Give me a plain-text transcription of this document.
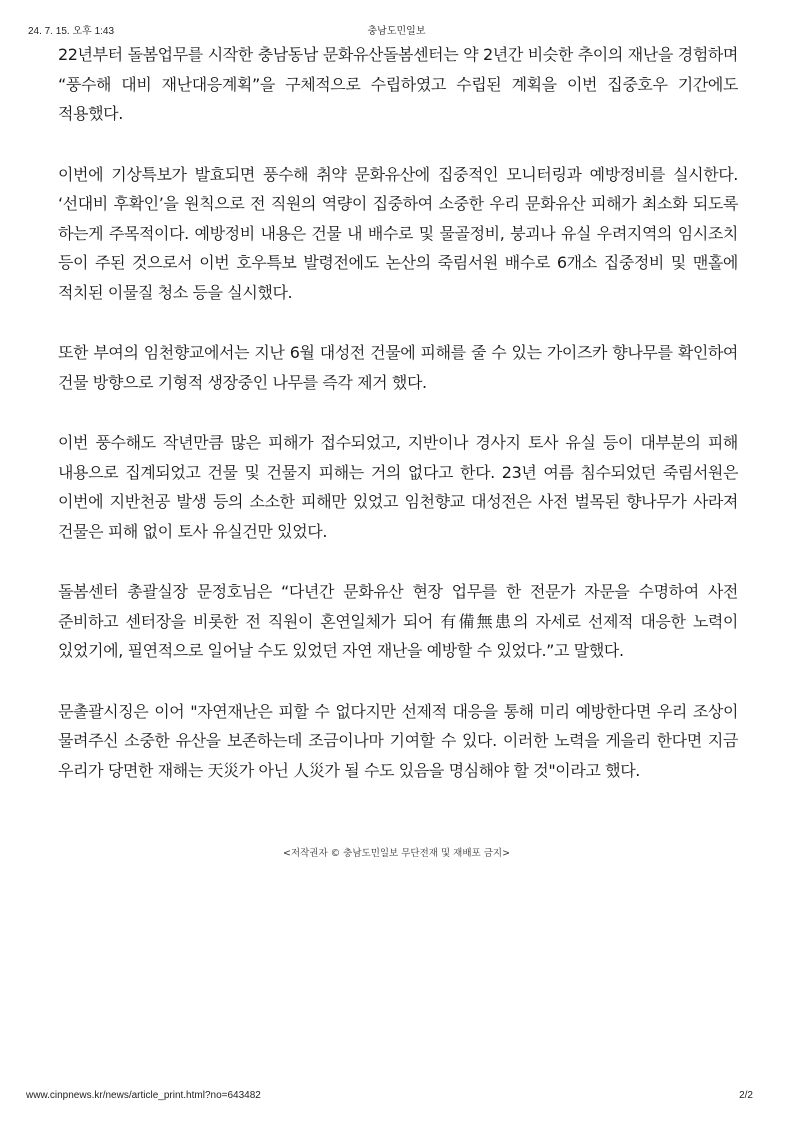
24. 7. 15. 오후 1:43	충남도민일보

22년부터 돌봄업무를 시작한 충남동남 문화유산돌봄센터는 약 2년간 비슷한 추이의 재난을 경험하며 “풍수해 대비 재난대응계획”을 구체적으로 수립하였고 수립된 계획을 이번 집중호우 기간에도 적용했다.

이번에 기상특보가 발효되면 풍수해 취약 문화유산에 집중적인 모니터링과 예방정비를 실시한다. ‘선대비 후확인’을 원칙으로 전 직원의 역량이 집중하여 소중한 우리 문화유산 피해가 최소화 되도록 하는게 주목적이다. 예방정비 내용은 건물 내 배수로 및 물골정비, 붕괴나 유실 우려지역의 임시조치 등이 주된 것으로서 이번 호우특보 발령전에도 논산의 죽림서원 배수로 6개소 집중정비 및 맨홀에 적치된 이물질 청소 등을 실시했다.

또한 부여의 임천향교에서는 지난 6월 대성전 건물에 피해를 줄 수 있는 가이즈카 향나무를 확인하여 건물 방향으로 기형적 생장중인 나무를 즉각 제거 했다.

이번 풍수해도 작년만큼 많은 피해가 접수되었고, 지반이나 경사지 토사 유실 등이 대부분의 피해 내용으로 집계되었고 건물 및 건물지 피해는 거의 없다고 한다. 23년 여름 침수되었던 죽림서원은 이번에 지반천공 발생 등의 소소한 피해만 있었고 임천향교 대성전은 사전 벌목된 향나무가 사라져 건물은 피해 없이 토사 유실건만 있었다.

돌봄센터 총괄실장 문정호님은 “다년간 문화유산 현장 업무를 한 전문가 자문을 수명하여 사전 준비하고 센터장을 비롯한 전 직원이 혼연일체가 되어 有備無患의 자세로 선제적 대응한 노력이 있었기에, 필연적으로 일어날 수도 있었던 자연 재난을 예방할 수 있었다.”고 말했다.

문촐괄시징은 이어 "자연재난은 피할 수 없다지만 선제적 대응을 통해 미리 예방한다면 우리 조상이 물려주신 소중한 유산을 보존하는데 조금이나마 기여할 수 있다. 이러한 노력을 게을리 한다면 지금 우리가 당면한 재해는 天災가 아닌 人災가 될 수도 있음을 명심해야 할 것"이라고 했다.

<저작권자 © 충남도민일보 무단전재 및 재배포 금지>
www.cinpnews.kr/news/article_print.html?no=643482	2/2
